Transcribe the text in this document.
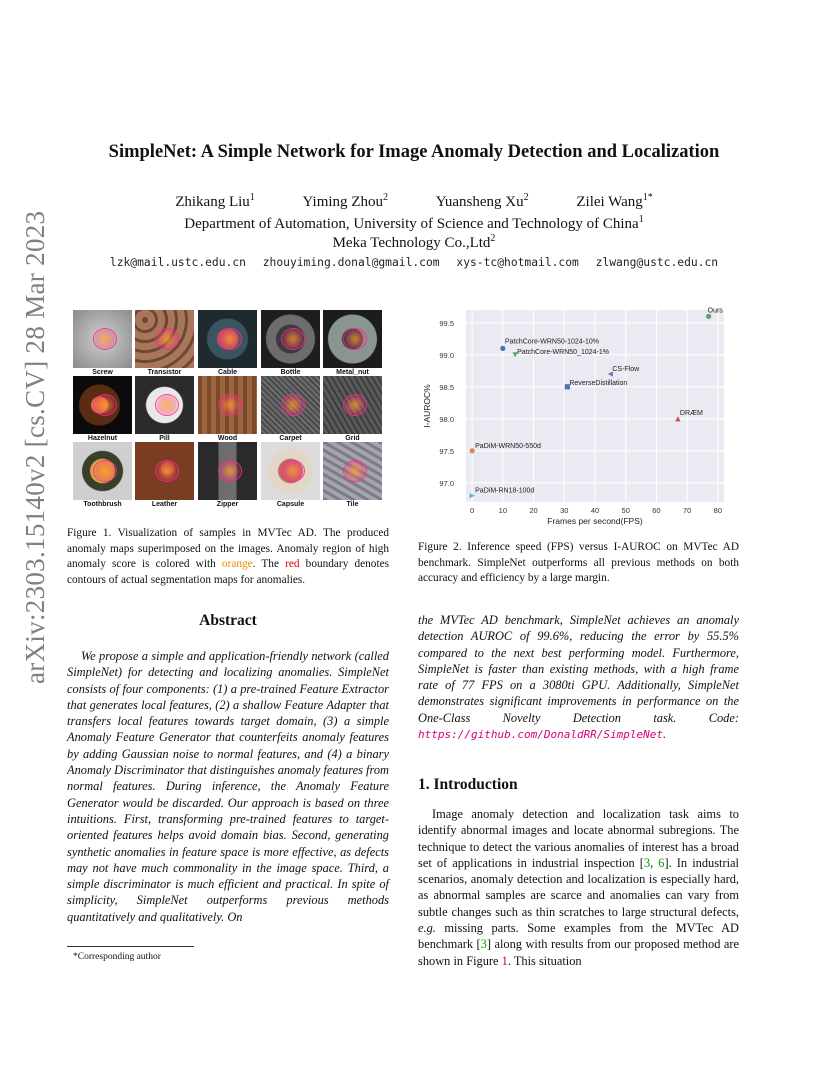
arXiv:2303.15140v2 [cs.CV] 28 Mar 2023
SimpleNet: A Simple Network for Image Anomaly Detection and Localization
Zhikang Liu$^1$	Yiming Zhou$^2$	Yuansheng Xu$^2$	Zilei Wang$^{1*}$
Department of Automation, University of Science and Technology of China$^1$
Meka Technology Co.,Ltd$^2$
lzk@mail.ustc.edu.cn zhouyiming.donal@gmail.com xys-tc@hotmail.com zlwang@ustc.edu.cn
Screw	Transistor	Cable	Bottle	Metal_nut
Hazelnut	Pill	Wood	Carpet	Grid
Toothbrush	Leather	Zipper	Capsule	Tile
Figure 1. Visualization of samples in MVTec AD. The produced anomaly maps superimposed on the images. Anomaly region of high anomaly score is colored with orange. The red boundary denotes contours of actual segmentation maps for anomalies.
0	10	20	30	40	50	60	70	80
97.0
97.5
98.0
98.5
99.0
99.5
Frames per second(FPS)
I-AUROC%
Ours
PatchCore-WRN50-1024-10%
PatchCore-WRN50_1024-1%
CS-Flow
ReverseDistillation
DRÆM
PaDiM-WRN50-550d
PaDiM-RN18-100d
Figure 2. Inference speed (FPS) versus I-AUROC on MVTec AD benchmark. SimpleNet outperforms all previous methods on both accuracy and efficiency by a large margin.
Abstract
We propose a simple and application-friendly network (called SimpleNet) for detecting and localizing anomalies. SimpleNet consists of four components: (1) a pre-trained Feature Extractor that generates local features, (2) a shallow Feature Adapter that transfers local features towards target domain, (3) a simple Anomaly Feature Generator that counterfeits anomaly features by adding Gaussian noise to normal features, and (4) a binary Anomaly Discriminator that distinguishes anomaly features from normal features. During inference, the Anomaly Feature Generator would be discarded. Our approach is based on three intuitions. First, transforming pre-trained features to target-oriented features helps avoid domain bias. Second, generating synthetic anomalies in feature space is more effective, as defects may not have much commonality in the image space. Third, a simple discriminator is much efficient and practical. In spite of simplicity, SimpleNet outperforms previous methods quantitatively and qualitatively. On
the MVTec AD benchmark, SimpleNet achieves an anomaly detection AUROC of 99.6%, reducing the error by 55.5% compared to the next best performing model. Furthermore, SimpleNet is faster than existing methods, with a high frame rate of 77 FPS on a 3080ti GPU. Additionally, SimpleNet demonstrates significant improvements in performance on the One-Class Novelty Detection task. Code: https://github.com/DonaldRR/SimpleNet.
1. Introduction
Image anomaly detection and localization task aims to identify abnormal images and locate abnormal subregions. The technique to detect the various anomalies of interest has a broad set of applications in industrial inspection [3, 6]. In industrial scenarios, anomaly detection and localization is especially hard, as abnormal samples are scarce and anomalies can vary from subtle changes such as thin scratches to large structural defects, e.g. missing parts. Some examples from the MVTec AD benchmark [3] along with results from our proposed method are shown in Figure 1. This situation
*Corresponding author
